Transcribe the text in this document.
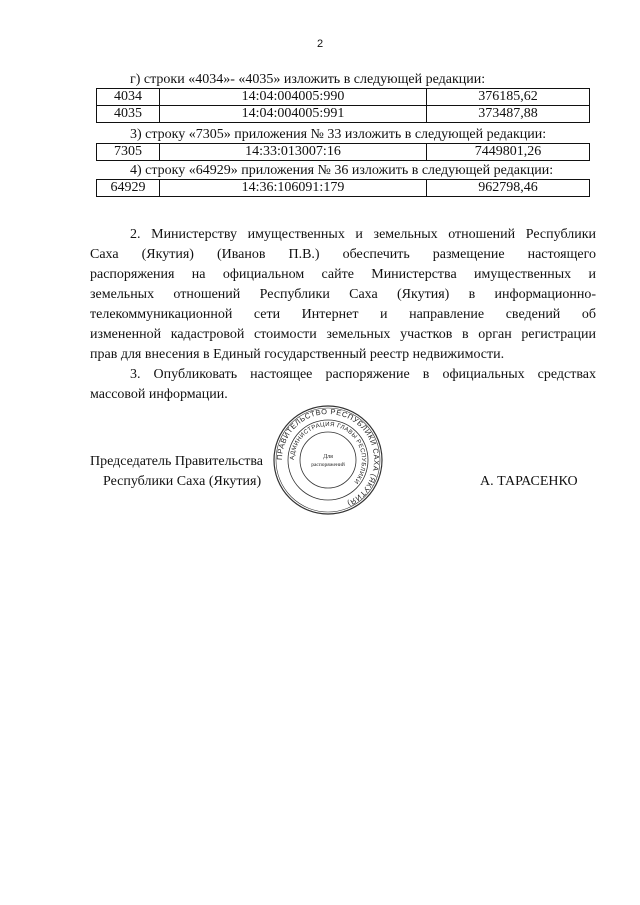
2
г) строки «4034»- «4035» изложить в следующей редакции:
4034	14:04:004005:990	376185,62
4035	14:04:004005:991	373487,88
3) строку «7305» приложения № 33 изложить в следующей редакции:
7305	14:33:013007:16	7449801,26
4) строку «64929» приложения № 36 изложить в следующей редакции:
64929	14:36:106091:179	962798,46
2. Министерству имущественных и земельных отношений Республики
Саха (Якутия) (Иванов П.В.) обеспечить размещение настоящего
распоряжения на официальном сайте Министерства имущественных и
земельных отношений Республики Саха (Якутия) в информационно-
телекоммуникационной сети Интернет и направление сведений об
измененной кадастровой стоимости земельных участков в орган регистрации
прав для внесения в Единый государственный реестр недвижимости.
3. Опубликовать настоящее распоряжение в официальных средствах
массовой информации.
Председатель Правительства
Республики Саха (Якутия)	А. ТАРАСЕНКО
ПРАВИТЕЛЬСТВО РЕСПУБЛИКИ САХА (ЯКУТИЯ)
АДМИНИСТРАЦИЯ ГЛАВЫ РЕСПУБЛИКИ
Для
распоряжений
